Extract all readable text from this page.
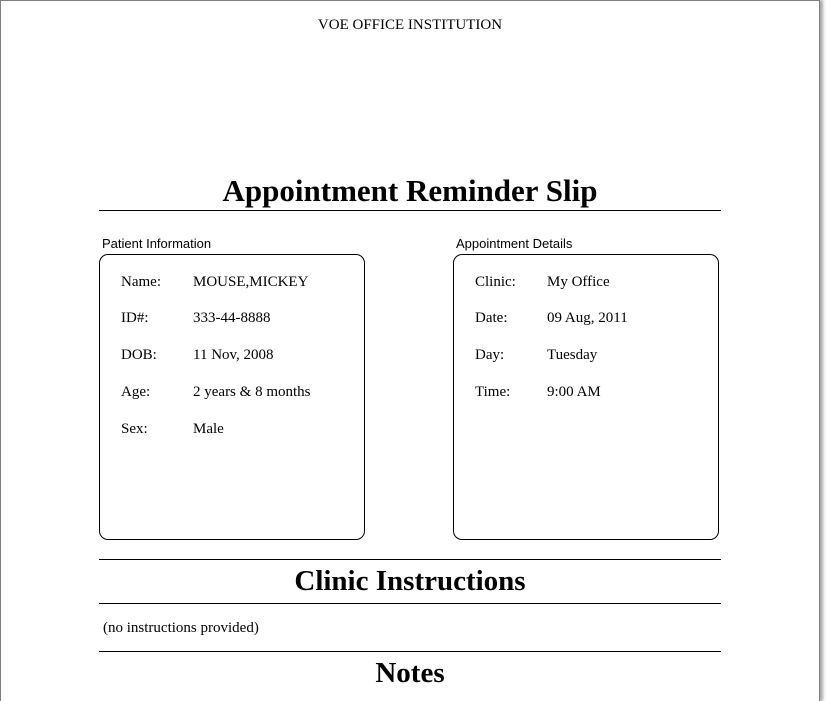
VOE OFFICE INSTITUTION
Appointment Reminder Slip
Patient Information
Name: MOUSE,MICKEY
ID#:	333-44-8888
DOB: 11 Nov, 2008
Age:	2 years & 8 months
Sex:	Male
Appointment Details
Clinic: My Office
Date:	09 Aug, 2011
Day:	Tuesday
Time: 9:00 AM
Clinic Instructions
(no instructions provided)
Notes
